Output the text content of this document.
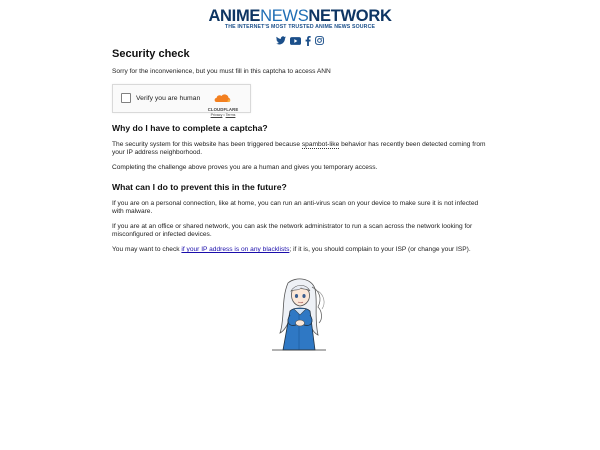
ANIMENEWSNETWORK
THE INTERNET'S MOST TRUSTED ANIME NEWS SOURCE
Security check

Sorry for the inconvenience, but you must fill in this captcha to access ANN

Verify you are human
CLOUDFLARE
Privacy • Terms
Why do I have to complete a captcha?

The security system for this website has been triggered because spambot-like behavior has recently been detected coming from your IP address neighborhood.

Completing the challenge above proves you are a human and gives you temporary access.

What can I do to prevent this in the future?

If you are on a personal connection, like at home, you can run an anti-virus scan on your device to make sure it is not infected with malware.

If you are at an office or shared network, you can ask the network administrator to run a scan across the network looking for misconfigured or infected devices.

You may want to check if your IP address is on any blacklists; if it is, you should complain to your ISP (or change your ISP).
